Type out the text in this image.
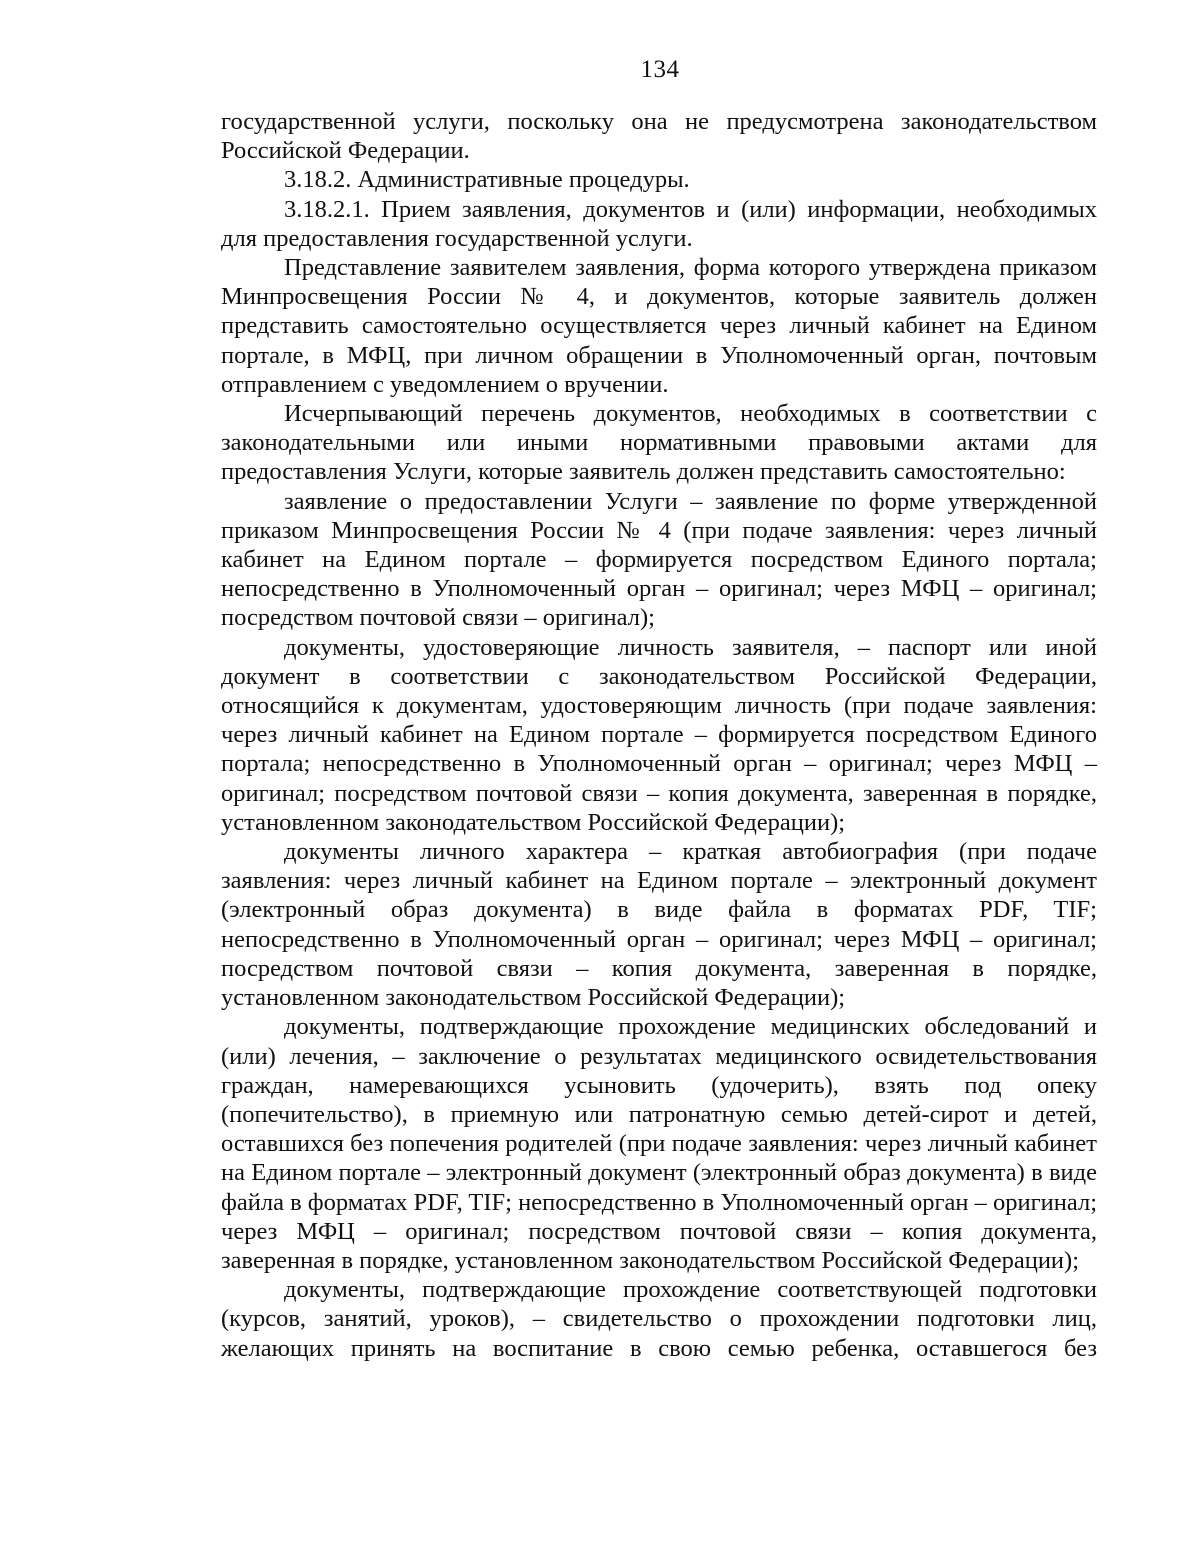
134

государственной услуги, поскольку она не предусмотрена законодательством Российской Федерации.

3.18.2. Административные процедуры.

3.18.2.1. Прием заявления, документов и (или) информации, необходимых для предоставления государственной услуги.

Представление заявителем заявления, форма которого утверждена приказом Минпросвещения России № 4, и документов, которые заявитель должен представить самостоятельно осуществляется через личный кабинет на Едином портале, в МФЦ, при личном обращении в Уполномоченный орган, почтовым отправлением с уведомлением о вручении.

Исчерпывающий перечень документов, необходимых в соответствии с законодательными или иными нормативными правовыми актами для предоставления Услуги, которые заявитель должен представить самостоятельно:

заявление о предоставлении Услуги – заявление по форме утвержденной приказом Минпросвещения России № 4 (при подаче заявления: через личный кабинет на Едином портале – формируется посредством Единого портала; непосредственно в Уполномоченный орган – оригинал; через МФЦ – оригинал; посредством почтовой связи – оригинал);

документы, удостоверяющие личность заявителя, – паспорт или иной документ в соответствии с законодательством Российской Федерации, относящийся к документам, удостоверяющим личность (при подаче заявления: через личный кабинет на Едином портале – формируется посредством Единого портала; непосредственно в Уполномоченный орган – оригинал; через МФЦ – оригинал; посредством почтовой связи – копия документа, заверенная в порядке, установленном законодательством Российской Федерации);

документы личного характера – краткая автобиография (при подаче заявления: через личный кабинет на Едином портале – электронный документ (электронный образ документа) в виде файла в форматах PDF, TIF; непосредственно в Уполномоченный орган – оригинал; через МФЦ – оригинал; посредством почтовой связи – копия документа, заверенная в порядке, установленном законодательством Российской Федерации);

документы, подтверждающие прохождение медицинских обследований и (или) лечения, – заключение о результатах медицинского освидетельствования граждан, намеревающихся усыновить (удочерить), взять под опеку (попечительство), в приемную или патронатную семью детей-сирот и детей, оставшихся без попечения родителей (при подаче заявления: через личный кабинет на Едином портале – электронный документ (электронный образ документа) в виде файла в форматах PDF, TIF; непосредственно в Уполномоченный орган – оригинал; через МФЦ – оригинал; посредством почтовой связи – копия документа, заверенная в порядке, установленном законодательством Российской Федерации);

документы, подтверждающие прохождение соответствующей подготовки (курсов, занятий, уроков), – свидетельство о прохождении подготовки лиц, желающих принять на воспитание в свою семью ребенка, оставшегося без
